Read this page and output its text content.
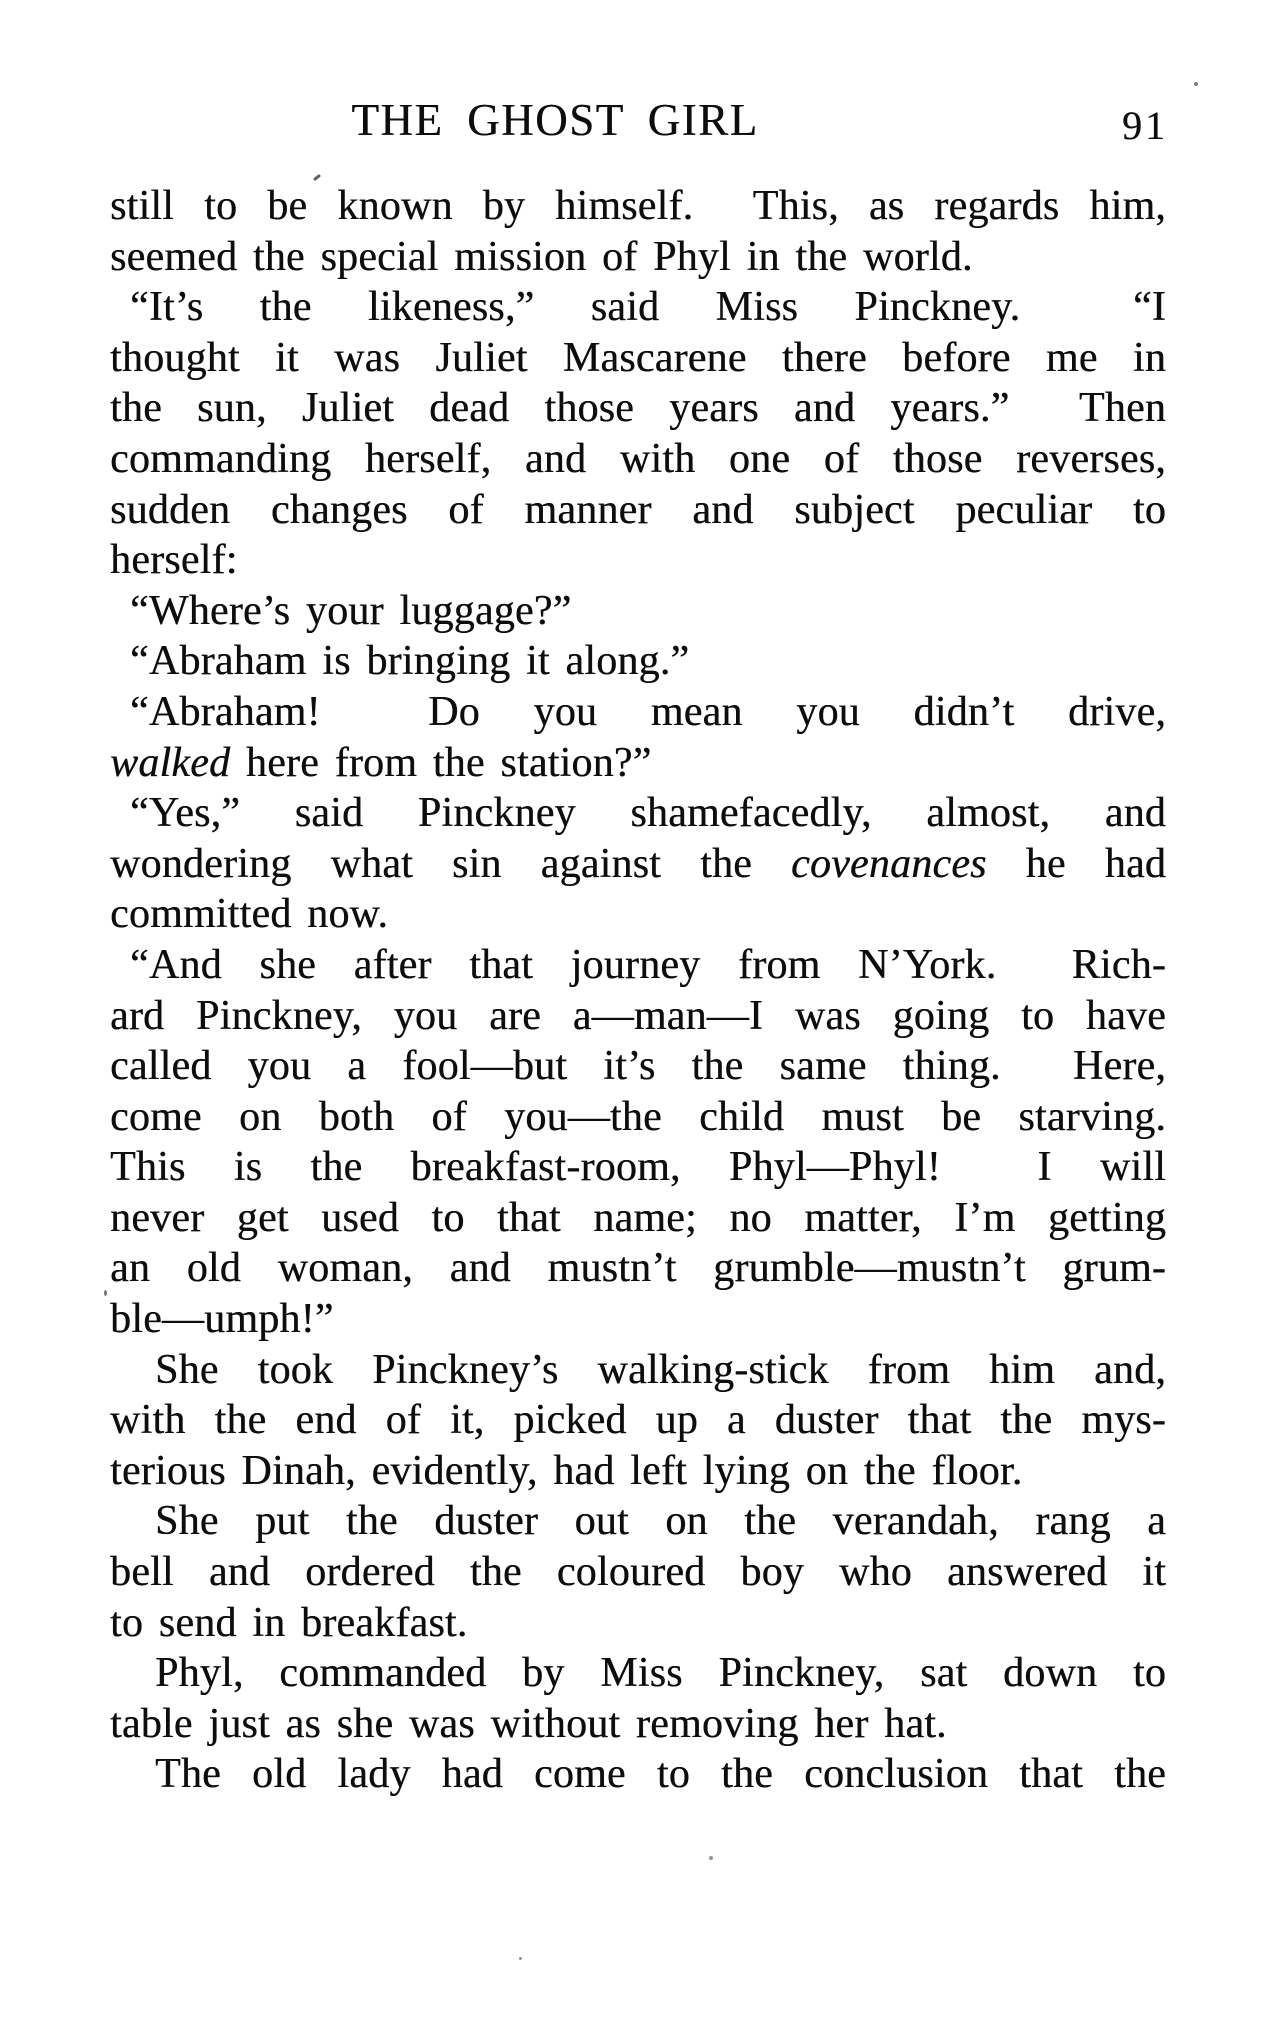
THE GHOST GIRL	91
still to be known by himself.  This, as regards him,
seemed the special mission of Phyl in the world.
“It’s the likeness,” said Miss Pinckney.  “I
thought it was Juliet Mascarene there before me in
the sun, Juliet dead those years and years.”  Then
commanding herself, and with one of those reverses,
sudden changes of manner and subject peculiar to
herself:
“Where’s your luggage?”
“Abraham is bringing it along.”
“Abraham!  Do you mean you didn’t drive,
walked here from the station?”
“Yes,” said Pinckney shamefacedly, almost, and
wondering what sin against the covenances he had
committed now.
“And she after that journey from N’York.  Rich-
ard Pinckney, you are a—man—I was going to have
called you a fool—but it’s the same thing.  Here,
come on both of you—the child must be starving.
This is the breakfast-room, Phyl—Phyl!  I will
never get used to that name; no matter, I’m getting
an old woman, and mustn’t grumble—mustn’t grum-
ble—umph!”
She took Pinckney’s walking-stick from him and,
with the end of it, picked up a duster that the mys-
terious Dinah, evidently, had left lying on the floor.
She put the duster out on the verandah, rang a
bell and ordered the coloured boy who answered it
to send in breakfast.
Phyl, commanded by Miss Pinckney, sat down to
table just as she was without removing her hat.
The old lady had come to the conclusion that the
